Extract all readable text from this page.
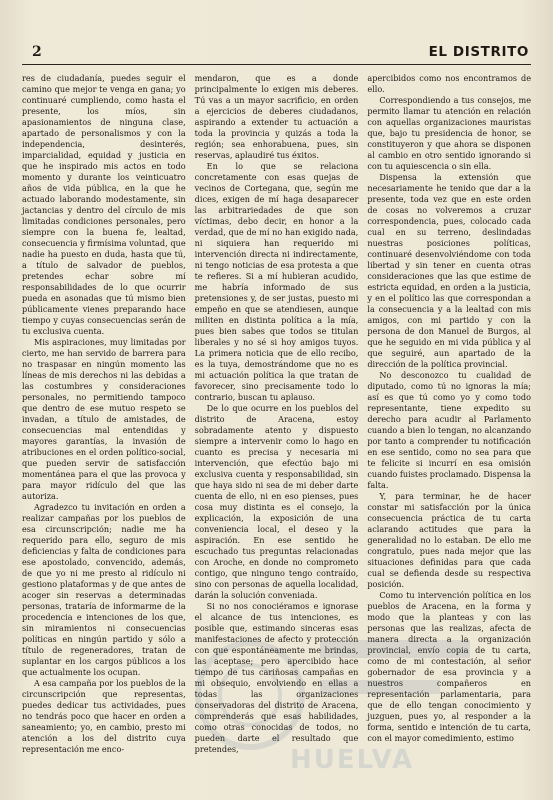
2	EL DISTRITO

res de ciudadanía, puedes seguir el camino que mejor te venga en gana; yo continuaré cumpliendo, como hasta el presente, los míos, sin apasionamientos de ninguna clase, apartado de personalismos y con la independencia, desinterés, imparcialidad, equidad y justicia en que he inspirado mis actos en todo momento y durante los veinticuatro años de vida pública, en la que he actuado laborando modestamente, sin jactancias y dentro del círculo de mis limitadas condiciones personales, pero siempre con la buena fe, lealtad, consecuencia y firmísima voluntad, que nadie ha puesto en duda, hasta que tú, a título de salvador de pueblos, pretendes echar sobre mí responsabilidades de lo que ocurrir pueda en asonadas que tú mismo bien públicamente vienes preparando hace tiempo y cuyas consecuencias serán de tu exclusiva cuenta.

Mis aspiraciones, muy limitadas por cierto, me han servido de barrera para no traspasar en ningún momento las líneas de mis derechos ni las debidas a las costumbres y consideraciones personales, no permitiendo tampoco que dentro de ese mutuo respeto se invadan, a título de amistades, de consecuencias mal entendidas y mayores garantías, la invasión de atribuciones en el orden político-social, que pueden servir de satisfacción momentánea para el que las provoca y para mayor ridículo del que las autoriza.

Agradezco tu invitación en orden a realizar campañas por los pueblos de esa circunscripción; nadie me ha requerido para ello, seguro de mis deficiencias y falta de condiciones para ese apostolado, convencido, además, de que yo ni me presto al ridículo ni gestiono plataformas y de que antes de acoger sin reservas a determinadas personas, trataría de informarme de la procedencia e intenciones de los que, sin miramientos ni consecuencias políticas en ningún partido y sólo a título de regeneradores, tratan de suplantar en los cargos públicos a los que actualmente los ocupan.

A esa campaña por los pueblos de la circunscripción que representas, puedes dedicar tus actividades, pues no tendrás poco que hacer en orden a saneamiento; yo, en cambio, presto mi atención a los del distrito cuya representación me enco-

mendaron, que es a donde principalmente lo exigen mis deberes. Tú vas a un mayor sacrificio, en orden a ejercicios de deberes ciudadanos, aspirando a extender tu actuación a toda la provincia y quizás a toda la región; sea enhorabuena, pues, sin reservas, aplaudiré tus éxitos.

En lo que se relaciona concretamente con esas quejas de vecinos de Cortegana, que, según me dices, exigen de mí haga desaparecer las arbitrariedades de que son víctimas, debo decir, en honor a la verdad, que de mí no han exigido nada, ni siquiera han requerido mi intervención directa ni indirectamente, ni tengo noticias de esa protesta a que te refieres. Si a mí hubieran acudido, me habría informado de sus pretensiones y, de ser justas, puesto mi empeño en que se atendiesen, aunque militen en distinta política a la mía, pues bien sabes que todos se titulan liberales y no sé si hoy amigos tuyos. La primera noticia que de ello recibo, es la tuya, demostrándome que no es mi actuación política la que tratan de favorecer, sino precisamente todo lo contrario, buscan tu aplauso.

De lo que ocurre en los pueblos del distrito de Aracena, estoy sobradamente atento y dispuesto siempre a intervenir como lo hago en cuanto es precisa y necesaria mi intervención, que efectúo bajo mi exclusiva cuenta y responsabilidad, sin que haya sido ni sea de mi deber darte cuenta de ello, ni en eso pienses, pues cosa muy distinta es el consejo, la explicación, la exposición de una conveniencia local, el deseo y la aspiración. En ese sentido he escuchado tus preguntas relacionadas con Aroche, en donde no comprometo contigo, que ninguno tengo contraído, sino con personas de aquella localidad, darán la solución conveniada.

Si no nos conociéramos e ignorase el alcance de tus intenciones, es posible que, estimando sinceras esas manifestaciones de afecto y protección con que espontáneamente me brindas, las aceptase; pero apercibido hace tiempo de tus cariñosas campañas en mi obsequio, envolviendo en ellas a todas las organizaciones conservadoras del distrito de Aracena, comprenderás que esas habilidades, como otras conocidas de todos, no pueden darte el resultado que pretendes,

apercibidos como nos encontramos de ello.

Correspondiendo a tus consejos, me permito llamar tu atención en relación con aquellas organizaciones mauristas que, bajo tu presidencia de honor, se constituyeron y que ahora se disponen al cambio en otro sentido ignorando si con tu aquiescencia o sin ella.

Dispensa la extensión que necesariamente he tenido que dar a la presente, toda vez que en este orden de cosas no volveremos a cruzar correspondencia, pues, colocado cada cual en su terreno, deslindadas nuestras posiciones políticas, continuaré desenvolviéndome con toda libertad y sin tener en cuenta otras consideraciones que las que estime de estricta equidad, en orden a la justicia, y en el político las que correspondan a la consecuencia y a la lealtad con mis amigos, con mi partido y con la persona de don Manuel de Burgos, al que he seguido en mi vida pública y al que seguiré, aun apartado de la dirección de la política provincial.

No desconozco tu cualidad de diputado, como tú no ignoras la mía; así es que tú como yo y como todo representante, tiene expedito su derecho para acudir al Parlamento cuando a bien lo tengan, no alcanzando por tanto a comprender tu notificación en ese sentido, como no sea para que te felicite si incurrí en esa omisión cuando fuistes proclamado. Dispensa la falta.

Y, para terminar, he de hacer constar mi satisfacción por la única consecuencia práctica de tu carta aclarando actitudes que para la generalidad no lo estaban. De ello me congratulo, pues nada mejor que las situaciones definidas para que cada cual se defienda desde su respectiva posición.

Como tu intervención política en los pueblos de Aracena, en la forma y modo que la planteas y con las personas que las realizas, afecta de manera directa a la organización provincial, envío copia de tu carta, como de mi contestación, al señor gobernador de esa provincia y a nuestros compañeros en representación parlamentaria, para que de ello tengan conocimiento y juzguen, pues yo, al responder a la forma, sentido e intención de tu carta, con el mayor comedimiento, estimo

HUELVA
